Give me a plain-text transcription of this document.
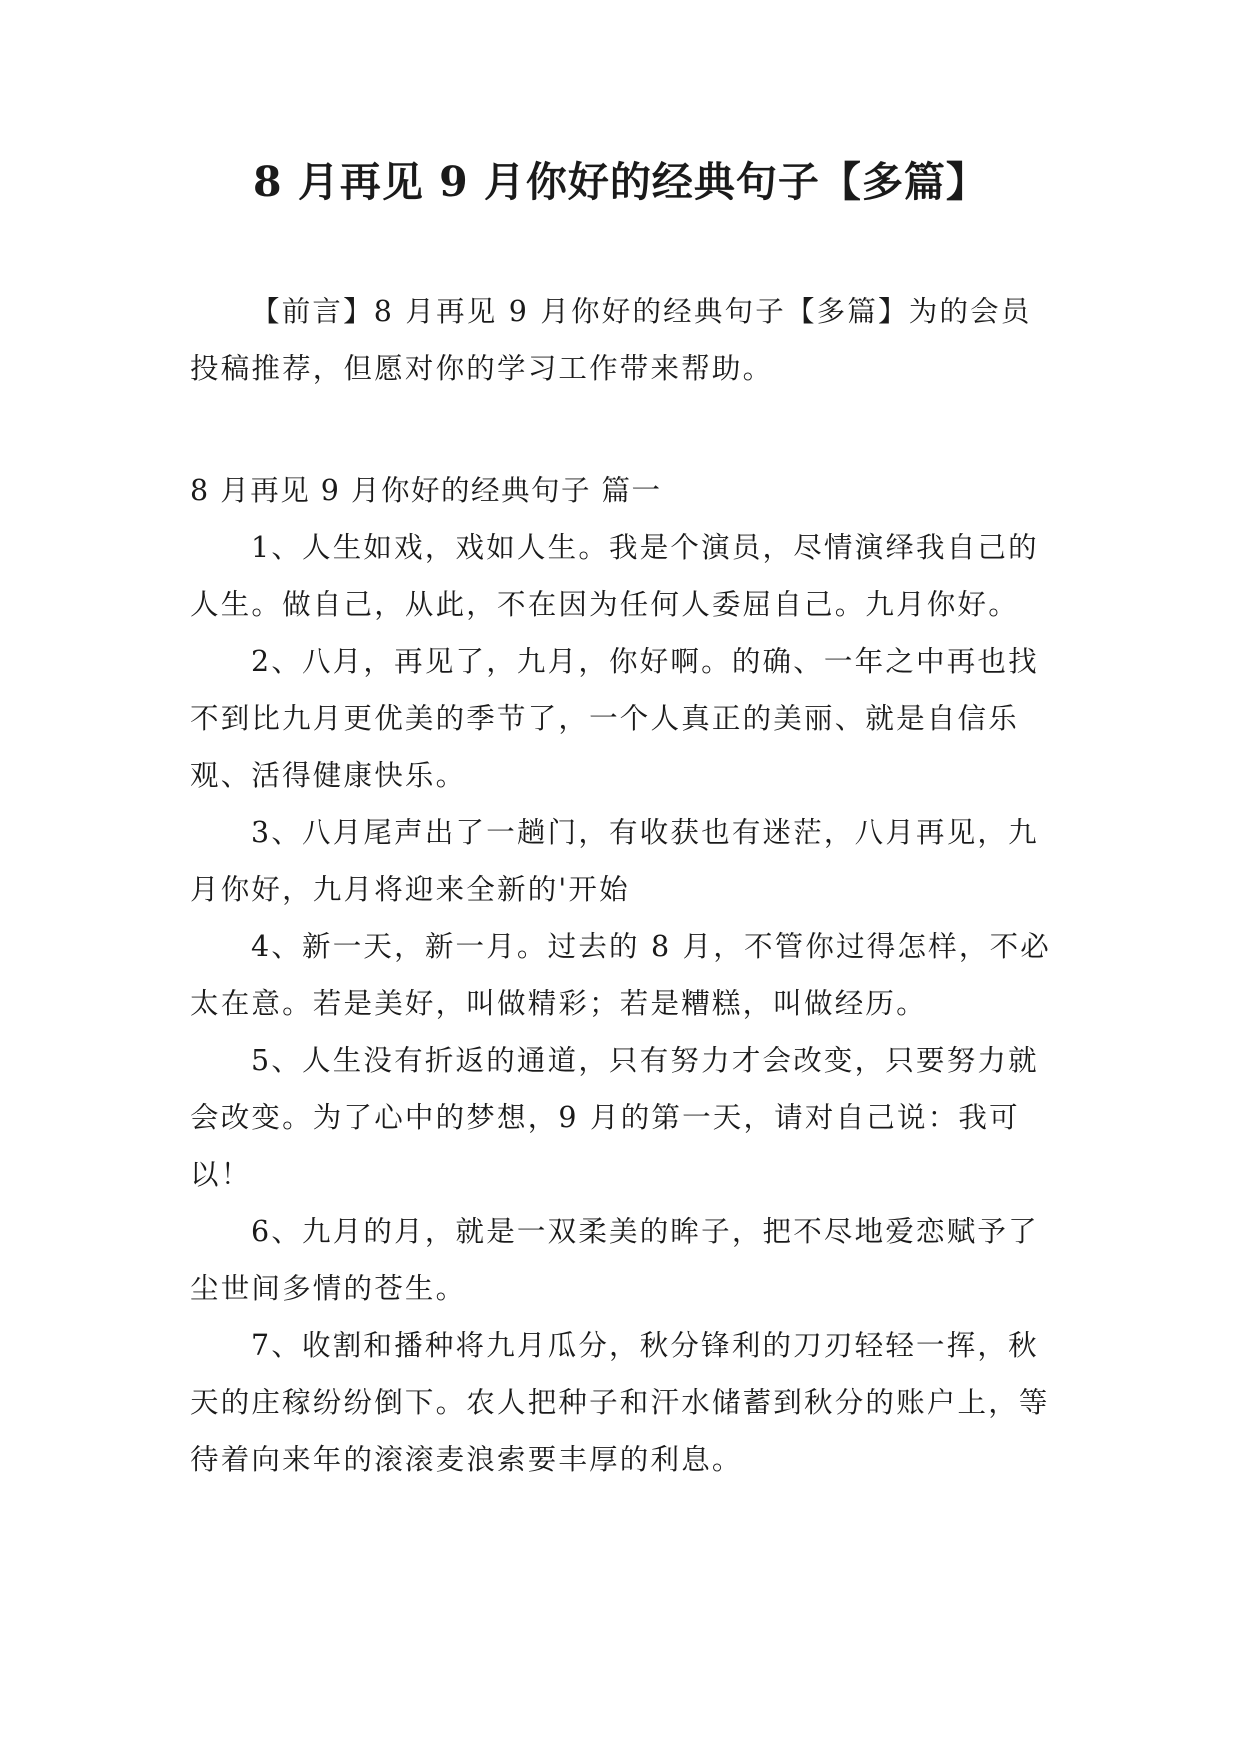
8 月再见 9 月你好的经典句子【多篇】

【前言】8 月再见 9 月你好的经典句子【多篇】为的会员投稿推荐，但愿对你的学习工作带来帮助。

8 月再见 9 月你好的经典句子 篇一

1、人生如戏，戏如人生。我是个演员，尽情演绎我自己的人生。做自己，从此，不在因为任何人委屈自己。九月你好。

2、八月，再见了，九月，你好啊。的确、一年之中再也找不到比九月更优美的季节了，一个人真正的美丽、就是自信乐观、活得健康快乐。

3、八月尾声出了一趟门，有收获也有迷茫，八月再见，九月你好，九月将迎来全新的'开始

4、新一天，新一月。过去的 8 月，不管你过得怎样，不必太在意。若是美好，叫做精彩；若是糟糕，叫做经历。

5、人生没有折返的通道，只有努力才会改变，只要努力就会改变。为了心中的梦想，9 月的第一天，请对自己说：我可以！

6、九月的月，就是一双柔美的眸子，把不尽地爱恋赋予了尘世间多情的苍生。

7、收割和播种将九月瓜分，秋分锋利的刀刃轻轻一挥，秋天的庄稼纷纷倒下。农人把种子和汗水储蓄到秋分的账户上，等待着向来年的滚滚麦浪索要丰厚的利息。
